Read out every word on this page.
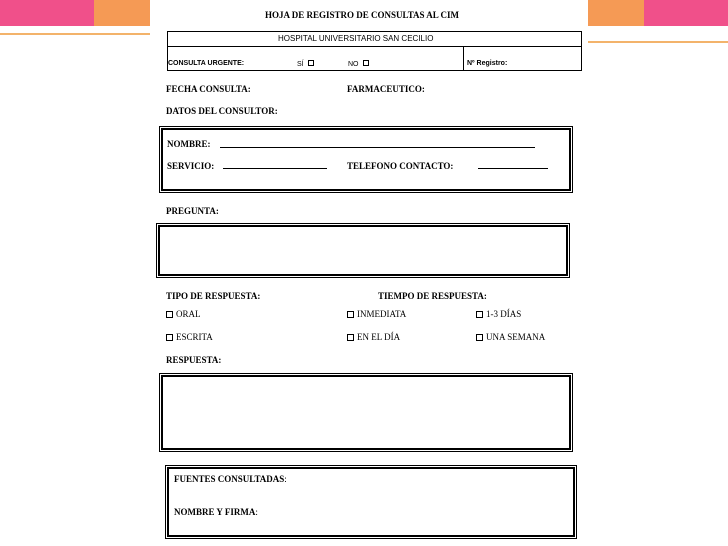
HOJA DE REGISTRO DE CONSULTAS AL CIM
HOSPITAL UNIVERSITARIO SAN CECILIO
CONSULTA URGENTE:	SÍ	NO	Nº Registro:
FECHA CONSULTA:	FARMACEUTICO:
DATOS DEL CONSULTOR:
NOMBRE:
SERVICIO:	TELEFONO CONTACTO:
PREGUNTA:
TIPO DE RESPUESTA:	TIEMPO DE RESPUESTA:
ORAL	INMEDIATA	1-3 DÍAS
ESCRITA	EN EL DÍA	UNA SEMANA
RESPUESTA:
FUENTES CONSULTADAS:
NOMBRE Y FIRMA:
